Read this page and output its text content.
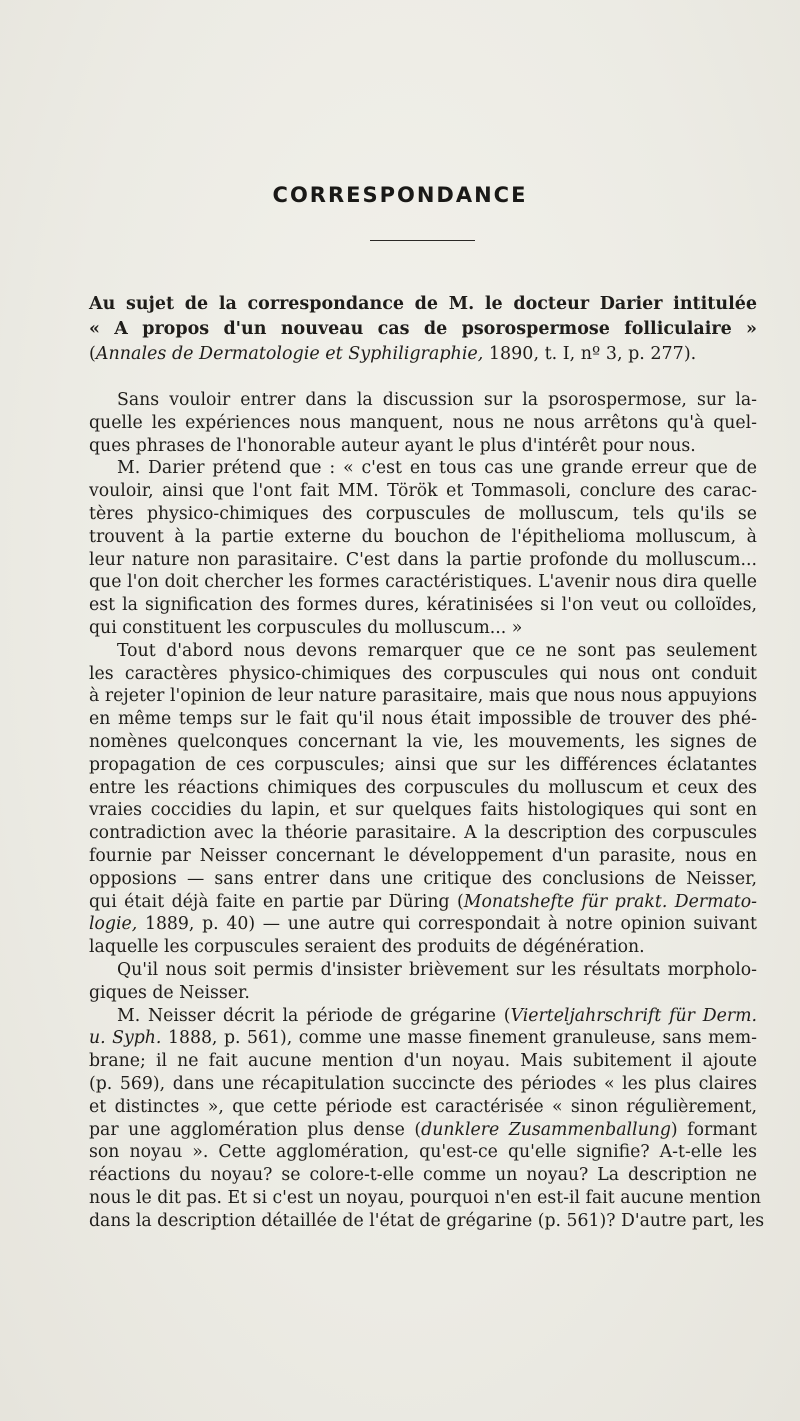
CORRESPONDANCE
Au sujet de la correspondance de M. le docteur Darier intitulée
« A propos d'un nouveau cas de psorospermose folliculaire »
(Annales de Dermatologie et Syphiligraphie, 1890, t. I, nº 3, p. 277).
Sans vouloir entrer dans la discussion sur la psorospermose, sur la-
quelle les expériences nous manquent, nous ne nous arrêtons qu'à quel-
ques phrases de l'honorable auteur ayant le plus d'intérêt pour nous.
M. Darier prétend que : « c'est en tous cas une grande erreur que de
vouloir, ainsi que l'ont fait MM. Török et Tommasoli, conclure des carac-
tères physico-chimiques des corpuscules de molluscum, tels qu'ils se
trouvent à la partie externe du bouchon de l'épithelioma molluscum, à
leur nature non parasitaire. C'est dans la partie profonde du molluscum...
que l'on doit chercher les formes caractéristiques. L'avenir nous dira quelle
est la signification des formes dures, kératinisées si l'on veut ou colloïdes,
qui constituent les corpuscules du molluscum... »
Tout d'abord nous devons remarquer que ce ne sont pas seulement
les caractères physico-chimiques des corpuscules qui nous ont conduit
à rejeter l'opinion de leur nature parasitaire, mais que nous nous appuyions
en même temps sur le fait qu'il nous était impossible de trouver des phé-
nomènes quelconques concernant la vie, les mouvements, les signes de
propagation de ces corpuscules; ainsi que sur les différences éclatantes
entre les réactions chimiques des corpuscules du molluscum et ceux des
vraies coccidies du lapin, et sur quelques faits histologiques qui sont en
contradiction avec la théorie parasitaire. A la description des corpuscules
fournie par Neisser concernant le développement d'un parasite, nous en
opposions — sans entrer dans une critique des conclusions de Neisser,
qui était déjà faite en partie par Düring (Monatshefte für prakt. Dermato-
logie, 1889, p. 40) — une autre qui correspondait à notre opinion suivant
laquelle les corpuscules seraient des produits de dégénération.
Qu'il nous soit permis d'insister brièvement sur les résultats morpholo-
giques de Neisser.
M. Neisser décrit la période de grégarine (Vierteljahrschrift für Derm.
u. Syph. 1888, p. 561), comme une masse finement granuleuse, sans mem-
brane; il ne fait aucune mention d'un noyau. Mais subitement il ajoute
(p. 569), dans une récapitulation succincte des périodes « les plus claires
et distinctes », que cette période est caractérisée « sinon régulièrement,
par une agglomération plus dense (dunklere Zusammenballung) formant
son noyau ». Cette agglomération, qu'est-ce qu'elle signifie? A-t-elle les
réactions du noyau? se colore-t-elle comme un noyau? La description ne
nous le dit pas. Et si c'est un noyau, pourquoi n'en est-il fait aucune mention
dans la description détaillée de l'état de grégarine (p. 561)? D'autre part, les
